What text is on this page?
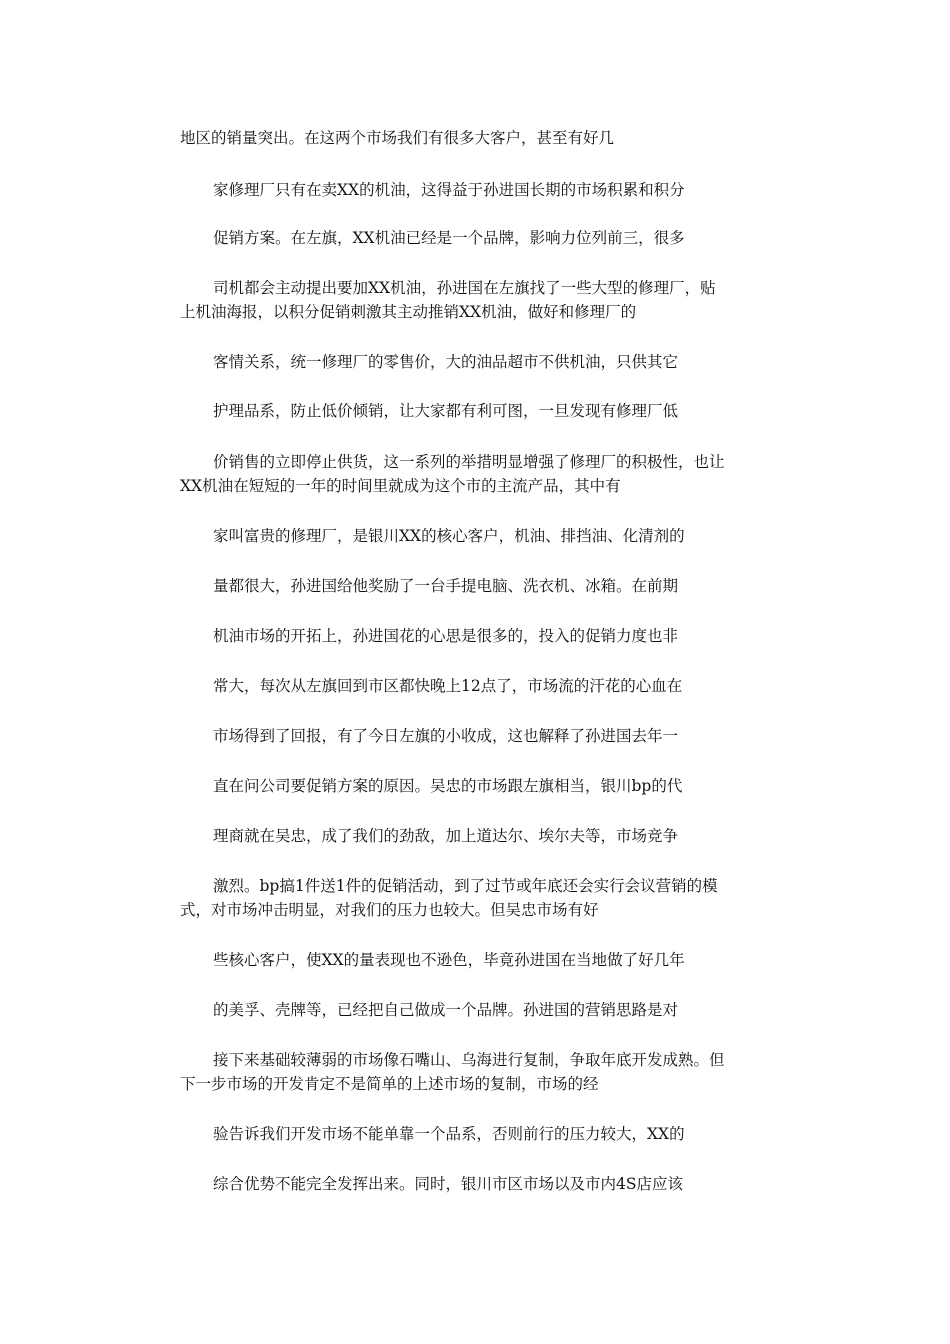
地区的销量突出。在这两个市场我们有很多大客户，甚至有好几
家修理厂只有在卖XX的机油，这得益于孙进国长期的市场积累和积分
促销方案。在左旗，XX机油已经是一个品牌，影响力位列前三，很多
司机都会主动提出要加XX机油，孙进国在左旗找了一些大型的修理厂，贴
上机油海报，以积分促销刺激其主动推销XX机油，做好和修理厂的
客情关系，统一修理厂的零售价，大的油品超市不供机油，只供其它
护理品系，防止低价倾销，让大家都有利可图，一旦发现有修理厂低
价销售的立即停止供货，这一系列的举措明显增强了修理厂的积极性，也让
XX机油在短短的一年的时间里就成为这个市的主流产品，其中有
家叫富贵的修理厂，是银川XX的核心客户，机油、排挡油、化清剂的
量都很大，孙进国给他奖励了一台手提电脑、洗衣机、冰箱。在前期
机油市场的开拓上，孙进国花的心思是很多的，投入的促销力度也非
常大，每次从左旗回到市区都快晚上12点了，市场流的汗花的心血在
市场得到了回报，有了今日左旗的小收成，这也解释了孙进国去年一
直在问公司要促销方案的原因。吴忠的市场跟左旗相当，银川bp的代
理商就在吴忠，成了我们的劲敌，加上道达尔、埃尔夫等，市场竞争
激烈。bp搞1件送1件的促销活动，到了过节或年底还会实行会议营销的模
式，对市场冲击明显，对我们的压力也较大。但吴忠市场有好
些核心客户，使XX的量表现也不逊色，毕竟孙进国在当地做了好几年
的美孚、壳牌等，已经把自己做成一个品牌。孙进国的营销思路是对
接下来基础较薄弱的市场像石嘴山、乌海进行复制，争取年底开发成熟。但
下一步市场的开发肯定不是简单的上述市场的复制，市场的经
验告诉我们开发市场不能单靠一个品系，否则前行的压力较大，XX的
综合优势不能完全发挥出来。同时，银川市区市场以及市内4S店应该
